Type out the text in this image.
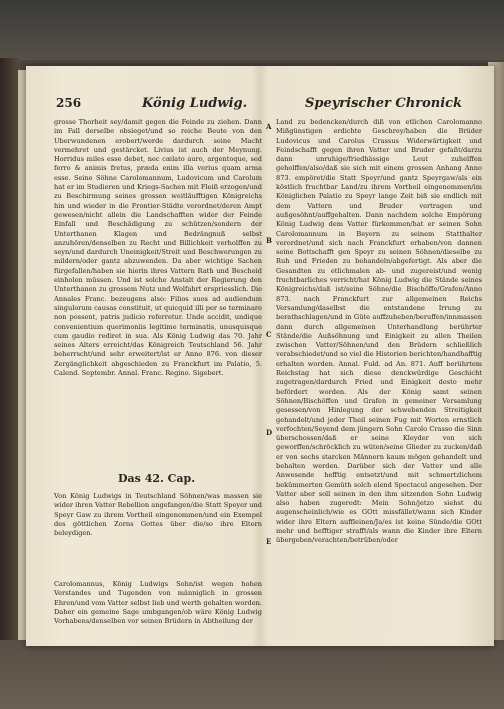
256	König Ludwig.	Speyrischer Chronick

grosse Thorheit sey/damit gegen die Feinde zu ziehen. Dann im Fall derselbe obsieget/und so reiche Beute von den Uberwundenen erobert/werde dardurch seine Macht vermehret und gestärcket. Livius ist auch der Meynung. Horridus miles esse debet, nec cælato auro, argentoque, sed ferro & animis fretus, præda enim illa verius quam arma esse. Seine Söhne Carolomannum, Ludovicum und Carolum hat er im Studieren und Kriegs-Sachen mit Fleiß erzogen/und zu Beschirmung seines grossen weitläufftigen Königreichs hin und wieder in die Frontier-Städte verordnet/deren Ampt gewesen/nicht allein die Landschafften wider der Feinde Einfall und Beschädigung zu schützen/sondern der Unterthanen Klagen und Bedrängnuß selbst anzuhören/denselben zu Recht und Billichkeit verholffen zu seyn/und dardurch Uneinigkeit/Streit und Beschwerungen zu mildern/oder gantz abzuwenden. Da aber wichtige Sachen fürgefallen/haben sie hierin ihres Vattern Rath und Bescheid einholen müssen. Und ist solche Anstalt der Regierung den Unterthanen zu grossem Nutz und Wolfahrt erspriesslich. Die Annales Franc. bezeugens also: Filios suos ad audiendum singulorum causas constituit, ut quicquid illi per se terminare non possent, patris judicio referretur. Unde accidit, undique convenientium querimoniis legitime terminatis, unusquisque cum gaudio rediret in sua. Als König Ludwig das 70. Jahr seines Alters erreicht/das Königreich Teutschland 56. Jahr beherrscht/und sehr erweitert/ist er Anno 876. von dieser Zergänglichkeit abgeschieden zu Franckfurt im Palatio, 5. Calend. Septembr. Annal. Franc. Regino. Sigebert.

Das 42. Cap.

Von König Ludwigs in Teutschland Söhnen/was massen sie wider ihren Vatter Rebellion angefangen/die Statt Speyer und Speyr Gaw zu ihrem Vortheil eingenommen/und ein Exempel des göttlichen Zorns Gottes über die/so ihre Eltern beleydigen.

Carolomannus, König Ludwigs Sohn/ist wegen hohen Verstandes und Tugenden von männiglich in grossen Ehren/und vom Vatter selbst lieb und werth gehalten worden. Daher ein gemeine Sage umbgangen/ob wäre König Ludwig Vorhabens/denselben vor seinen Brüdern in Abtheilung der

Land zu bedencken/durch diß von etlichen Carolomanno Mißgünstigen erdichte Geschrey/haben die Brüder Ludovicus und Carolus Crassus Widerwärtigkeit und Feindschafft gegen ihren Vatter und Bruder gefaßt/darzu dann unruhige/friedhässige Leut zuhelffen geholffen/also/daß sie sich mit einem grossen Anhang Anno 873. empöret/die Statt Speyr/und gantz Speyrgaw/als ein köstlich fruchtbar Land/zu ihrem Vortheil eingenommen/im Königlichen Palatio zu Speyr lange Zeit biß sie endlich mit dem Vattern und Bruder vertragen und außgesöhnt/auffgehalten. Dann nachdem solche Empörung König Ludwig dem Vatter fürkommen/hat er seinen Sohn Carolomannum in Beyern zu seinem Statthalter verordnet/und sich nach Franckfurt erhaben/von dannen seine Bottschafft gen Speyr zu seinen Söhnen/dieselbe zu Ruh und Frieden zu behandeln/abgefertigt. Als aber die Gesandten zu etlichmalen ab- und zugereist/und wenig fruchtbarliches verricht/hat König Ludwig die Stände seines Königreichs/daß ist/seine Söhne/die Bischöffe/Grafen/Anno 873. nach Franckfurt zur allgemeinen Reichs Versamlung/daselbst die entstandene Irrung zu berathschlagen/und in Güte auffzuheben/beruffen/innmassen dann durch allgemeinen Unterhandlung berührter Stände/die Außsöhnung und Einigkeit zu allen Theilen zwischen Vatter/Söhnen/und den Brüdern schließlich verabschiedet/und so viel die Historien berichten/handhafftig erhalten worden. Annal. Fuld. ad An. 871. Auff berührtem Reichstag hat sich diese denckwürdige Geschicht zugetragen/dardurch Fried und Einigkeit desto mehr befördert worden. Als der König samt seinen Söhnen/Bischöffen und Grafen in gemeiner Versamlung gesessen/von Hinlegung der schwebenden Streitigkeit gehandelt/und jeder Theil seinen Fug mit Worten ernstlich verfochten/Seyend dem jüngern Sohn Carolo Crasso die Sinn überschossen/daß er seine Kleyder von sich geworffen/schröcklich zu wüten/seine Glieder zu zucken/daß er von sechs starcken Männern kaum mögen gehandelt und behalten werden. Darüber sich der Vatter und alle Anwesende hefftig entsetzt/und mit schmertzlichem bekümmerten Gemüth solch elend Spectacul angesehen. Der Vatter aber soll seinen in den ihm sitzenden Sohn Ludwig also haben zugeredt: Mein Sohn/jetzo siehst du augenscheinlich/wie es GOtt missfället/wann sich Kinder wider ihre Eltern auffleinen/Ja/es ist keine Sünde/die GOtt mehr und hefftiger strafft/als wann die Kinder ihre Eltern übergeben/verachten/betrüben/oder

A
B
C
D
E
